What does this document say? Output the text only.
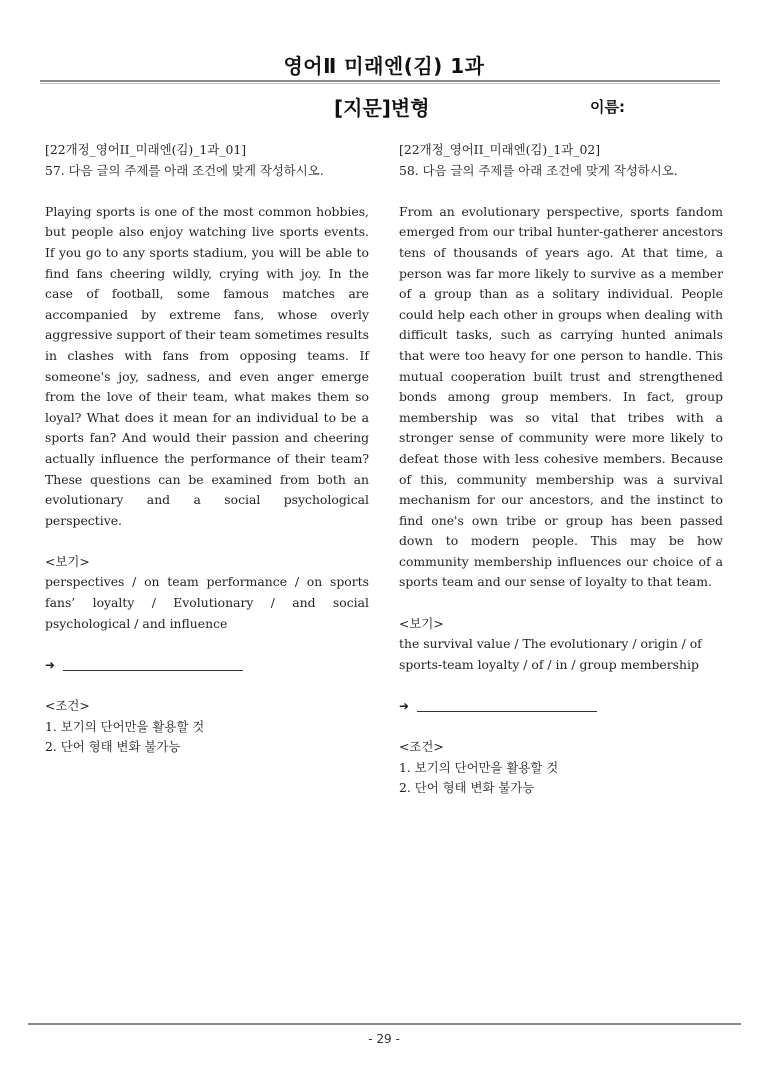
영어Ⅱ 미래엔(김) 1과
[지문]변형	이름:

[22개정_영어II_미래엔(김)_1과_01]

57. 다음 글의 주제를 아래 조건에 맞게 작성하시오.

Playing sports is one of the most common hobbies, but people also enjoy watching live sports events. If you go to any sports stadium, you will be able to find fans cheering wildly, crying with joy. In the case of football, some famous matches are accompanied by extreme fans, whose overly aggressive support of their team sometimes results in clashes with fans from opposing teams. If someone's joy, sadness, and even anger emerge from the love of their team, what makes them so loyal? What does it mean for an individual to be a sports fan? And would their passion and cheering actually influence the performance of their team? These questions can be examined from both an evolutionary and a social psychological perspective.

<보기>

perspectives / on team performance / on sports fans’ loyalty / Evolutionary / and social psychological / and influence

➜

<조건>

1. 보기의 단어만을 활용할 것

2. 단어 형태 변화 불가능

[22개정_영어II_미래엔(김)_1과_02]

58. 다음 글의 주제를 아래 조건에 맞게 작성하시오.

From an evolutionary perspective, sports fandom emerged from our tribal hunter-gatherer ancestors tens of thousands of years ago. At that time, a person was far more likely to survive as a member of a group than as a solitary individual. People could help each other in groups when dealing with difficult tasks, such as carrying hunted animals that were too heavy for one person to handle. This mutual cooperation built trust and strengthened bonds among group members. In fact, group membership was so vital that tribes with a stronger sense of community were more likely to defeat those with less cohesive members. Because of this, community membership was a survival mechanism for our ancestors, and the instinct to find one's own tribe or group has been passed down to modern people. This may be how community membership influences our choice of a sports team and our sense of loyalty to that team.

<보기>

the survival value / The evolutionary / origin / of sports-team loyalty / of / in / group membership

➜

<조건>

1. 보기의 단어만을 활용할 것

2. 단어 형태 변화 불가능

- 29 -
